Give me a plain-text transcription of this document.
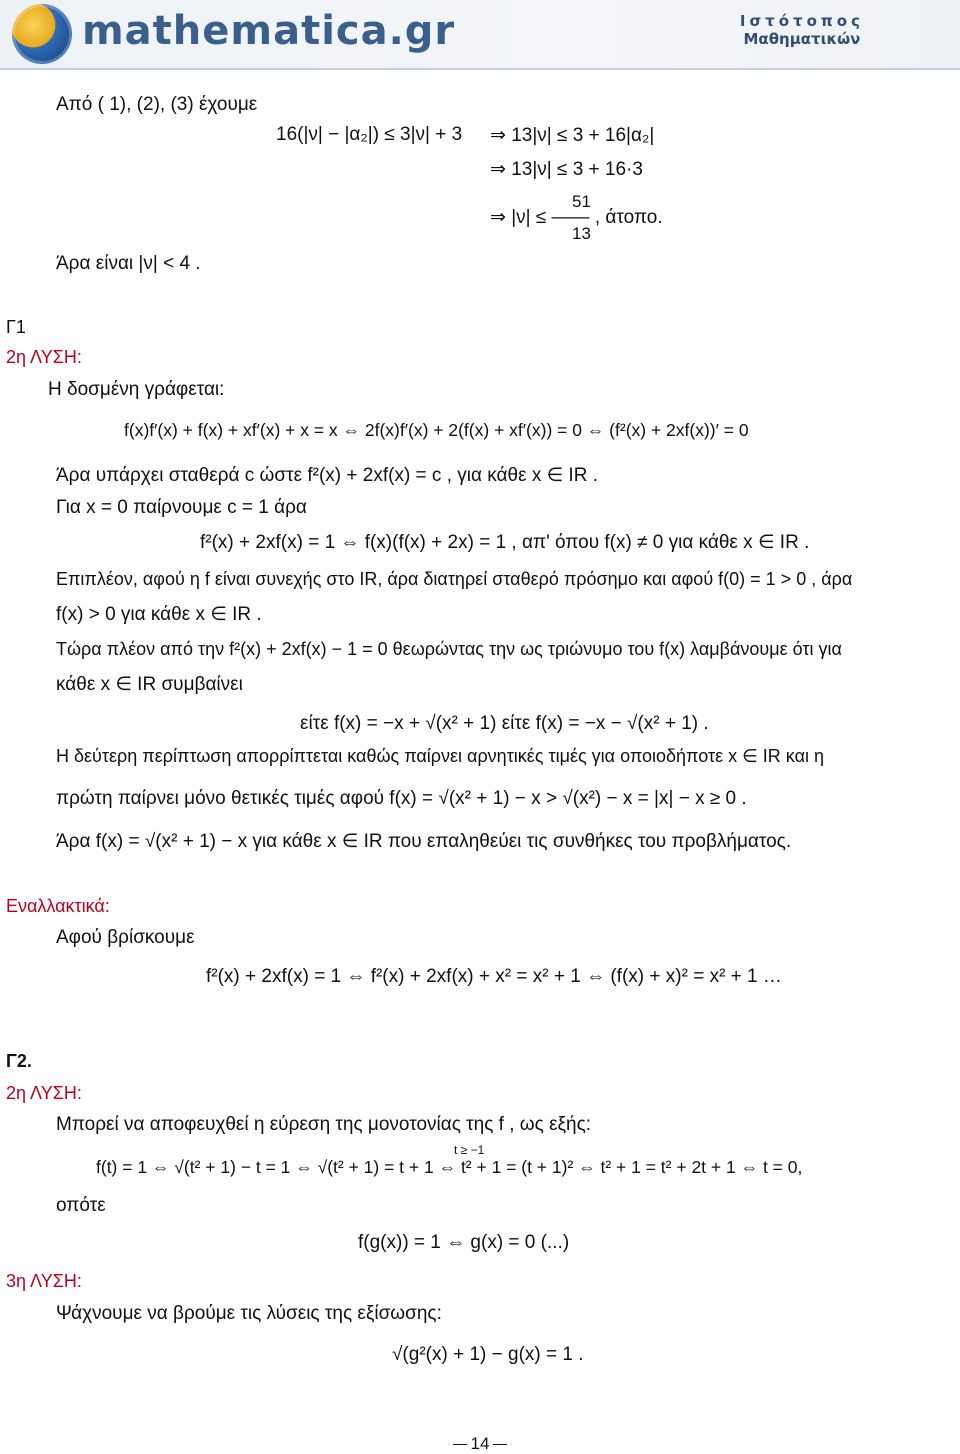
mathematica.gr	Ιστότοπος
Μαθηματικών
Από ( 1), (2), (3) έχουμε
16(|ν| − |α₂|) ≤ 3|ν| + 3 ⇒ 13|ν| ≤ 3 + 16|α₂|
⇒ 13|ν| ≤ 3 + 16·3
51
⇒ |ν| ≤ ―― , άτοπο.
13
Άρα είναι |ν| < 4 .
Γ1
2η ΛΥΣΗ:
Η δοσμένη γράφεται:
f(x)f′(x) + f(x) + xf′(x) + x = x ⇔ 2f(x)f′(x) + 2(f(x) + xf′(x)) = 0 ⇔ (f²(x) + 2xf(x))′ = 0
Άρα υπάρχει σταθερά c ώστε f²(x) + 2xf(x) = c , για κάθε x ∈ IR .
Για x = 0 παίρνουμε c = 1 άρα
f²(x) + 2xf(x) = 1 ⇔ f(x)(f(x) + 2x) = 1 , απ' όπου f(x) ≠ 0 για κάθε x ∈ IR .
Επιπλέον, αφού η f είναι συνεχής στο IR, άρα διατηρεί σταθερό πρόσημο και αφού f(0) = 1 > 0 , άρα
f(x) > 0 για κάθε x ∈ IR .
Τώρα πλέον από την f²(x) + 2xf(x) − 1 = 0 θεωρώντας την ως τριώνυμο του f(x) λαμβάνουμε ότι για
κάθε x ∈ IR συμβαίνει
είτε f(x) = −x + √(x² + 1) είτε f(x) = −x − √(x² + 1) .
Η δεύτερη περίπτωση απορρίπτεται καθώς παίρνει αρνητικές τιμές για οποιοδήποτε x ∈ IR και η
πρώτη παίρνει μόνο θετικές τιμές αφού f(x) = √(x² + 1) − x > √(x²) − x = |x| − x ≥ 0 .
Άρα f(x) = √(x² + 1) − x για κάθε x ∈ IR που επαληθεύει τις συνθήκες του προβλήματος.
Εναλλακτικά:
Αφού βρίσκουμε
f²(x) + 2xf(x) = 1 ⇔ f²(x) + 2xf(x) + x² = x² + 1 ⇔ (f(x) + x)² = x² + 1 …
Γ2.
2η ΛΥΣΗ:
Μπορεί να αποφευχθεί η εύρεση της μονοτονίας της f , ως εξής:
t ≥ −1
f(t) = 1 ⇔ √(t² + 1) − t = 1 ⇔ √(t² + 1) = t + 1 ⇔ t² + 1 = (t + 1)² ⇔ t² + 1 = t² + 2t + 1 ⇔ t = 0,
οπότε
f(g(x)) = 1 ⇔ g(x) = 0 (...)
3η ΛΥΣΗ:
Ψάχνουμε να βρούμε τις λύσεις της εξίσωσης:
√(g²(x) + 1) − g(x) = 1 .
14
